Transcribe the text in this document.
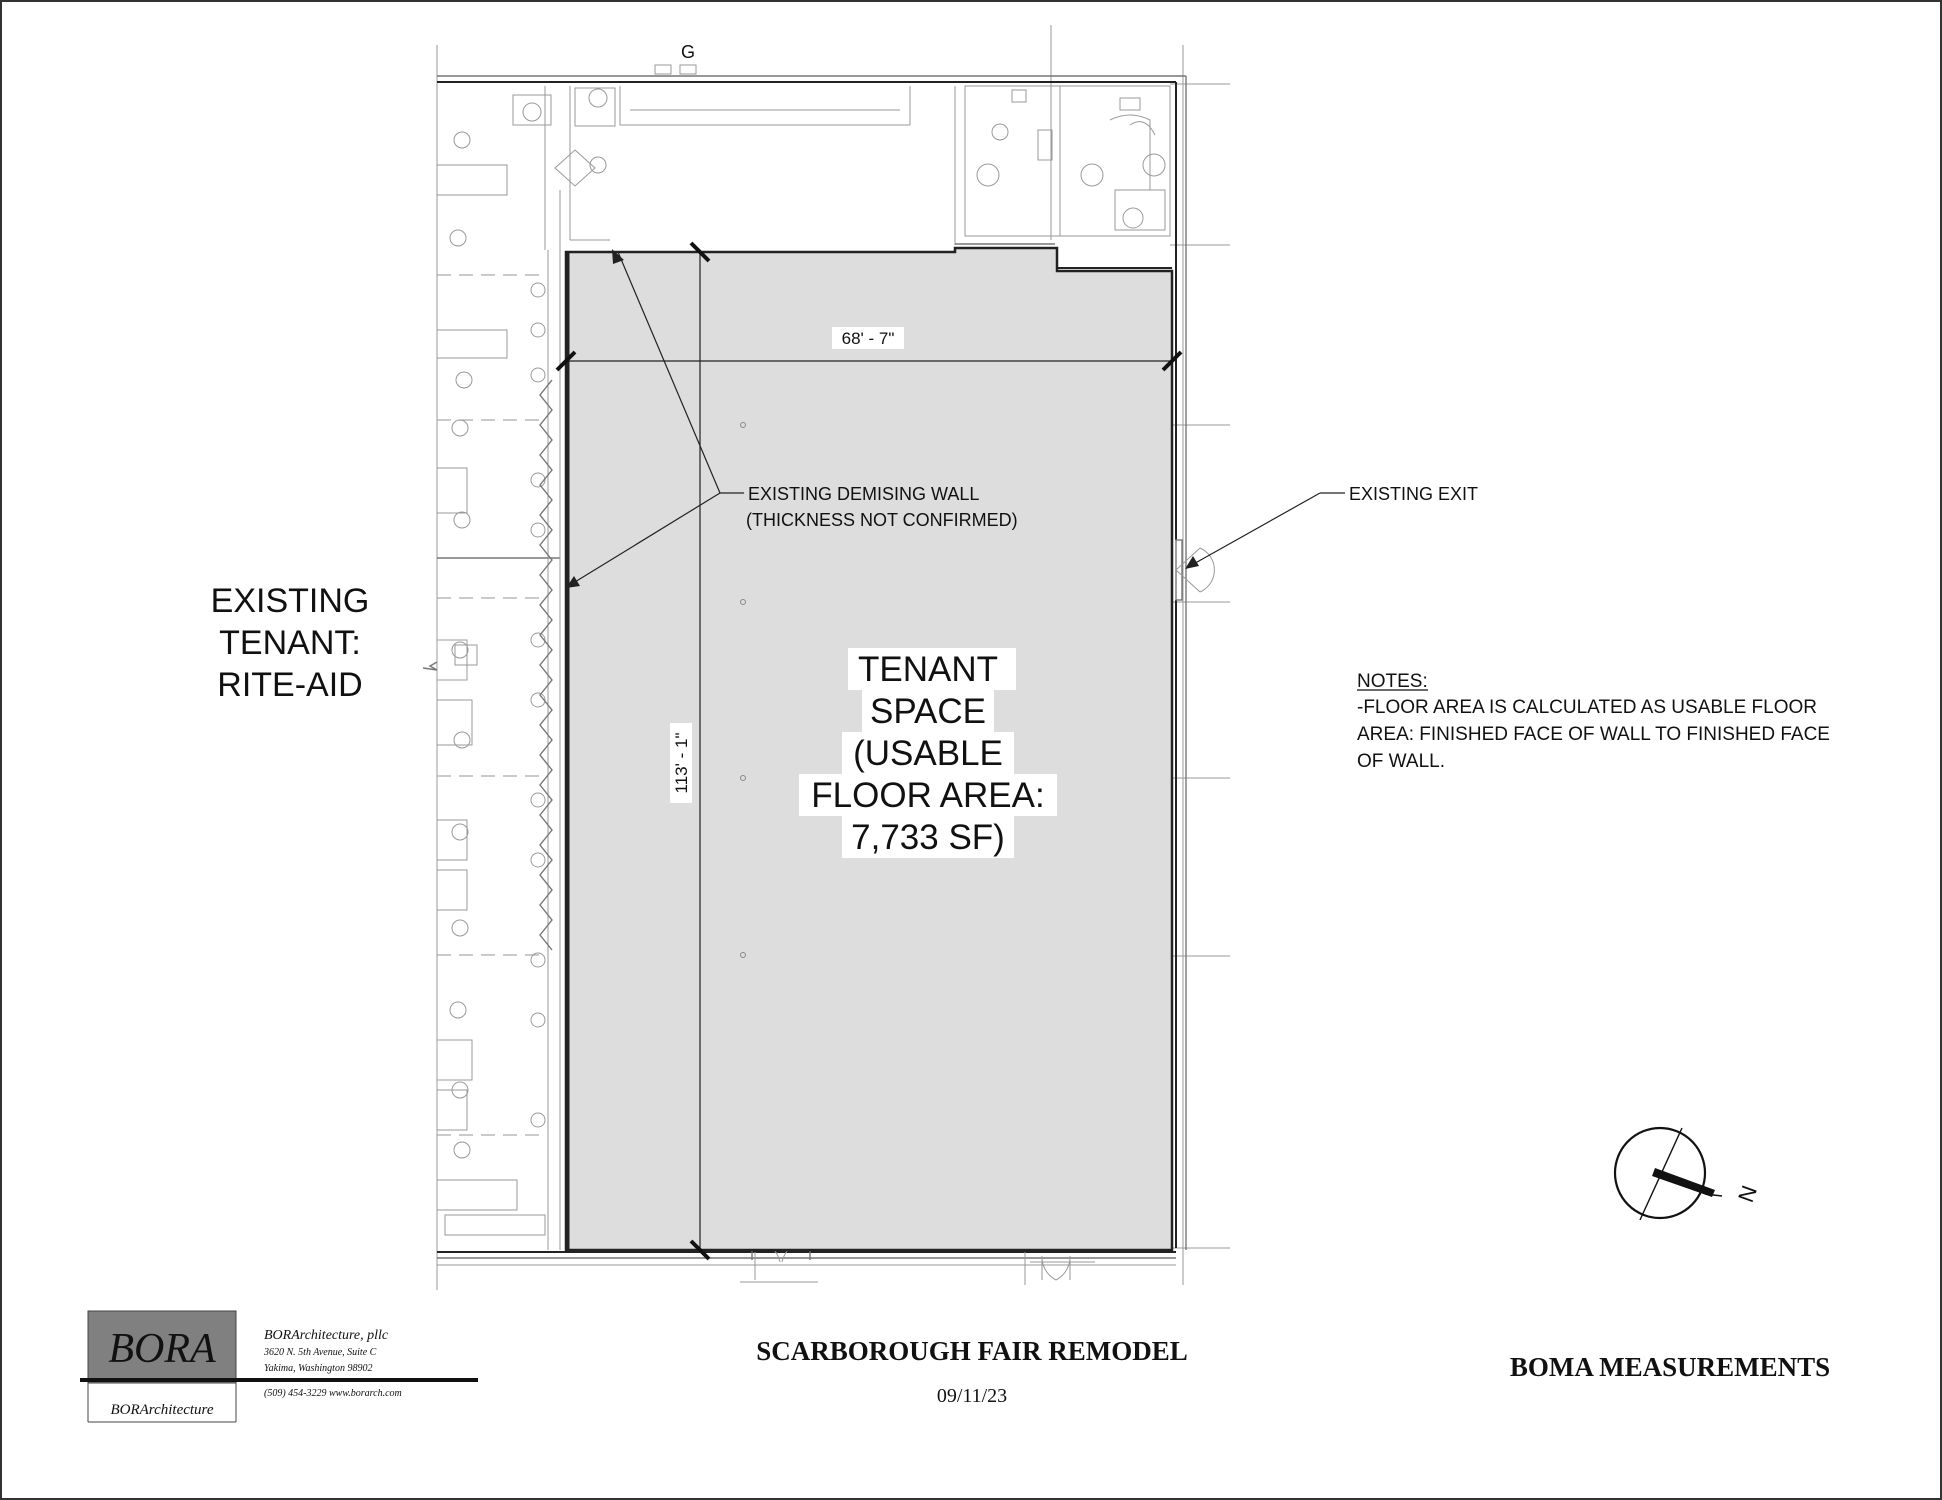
G
68' - 7"
113' - 1"
EXISTING DEMISING WALL
(THICKNESS NOT CONFIRMED)
EXISTING EXIT
EXISTING
TENANT:
RITE-AID	TENANT
SPACE
(USABLE
FLOOR AREA:
7,733 SF)
NOTES:
-FLOOR AREA IS CALCULATED AS USABLE FLOOR
AREA: FINISHED FACE OF WALL TO FINISHED FACE
OF WALL.
N
BORA
BORArchitecture
BORArchitecture, pllc
3620 N. 5th Avenue, Suite C
Yakima, Washington 98902
(509) 454-3229 www.borarch.com
SCARBOROUGH FAIR REMODEL
09/11/23
BOMA MEASUREMENTS
